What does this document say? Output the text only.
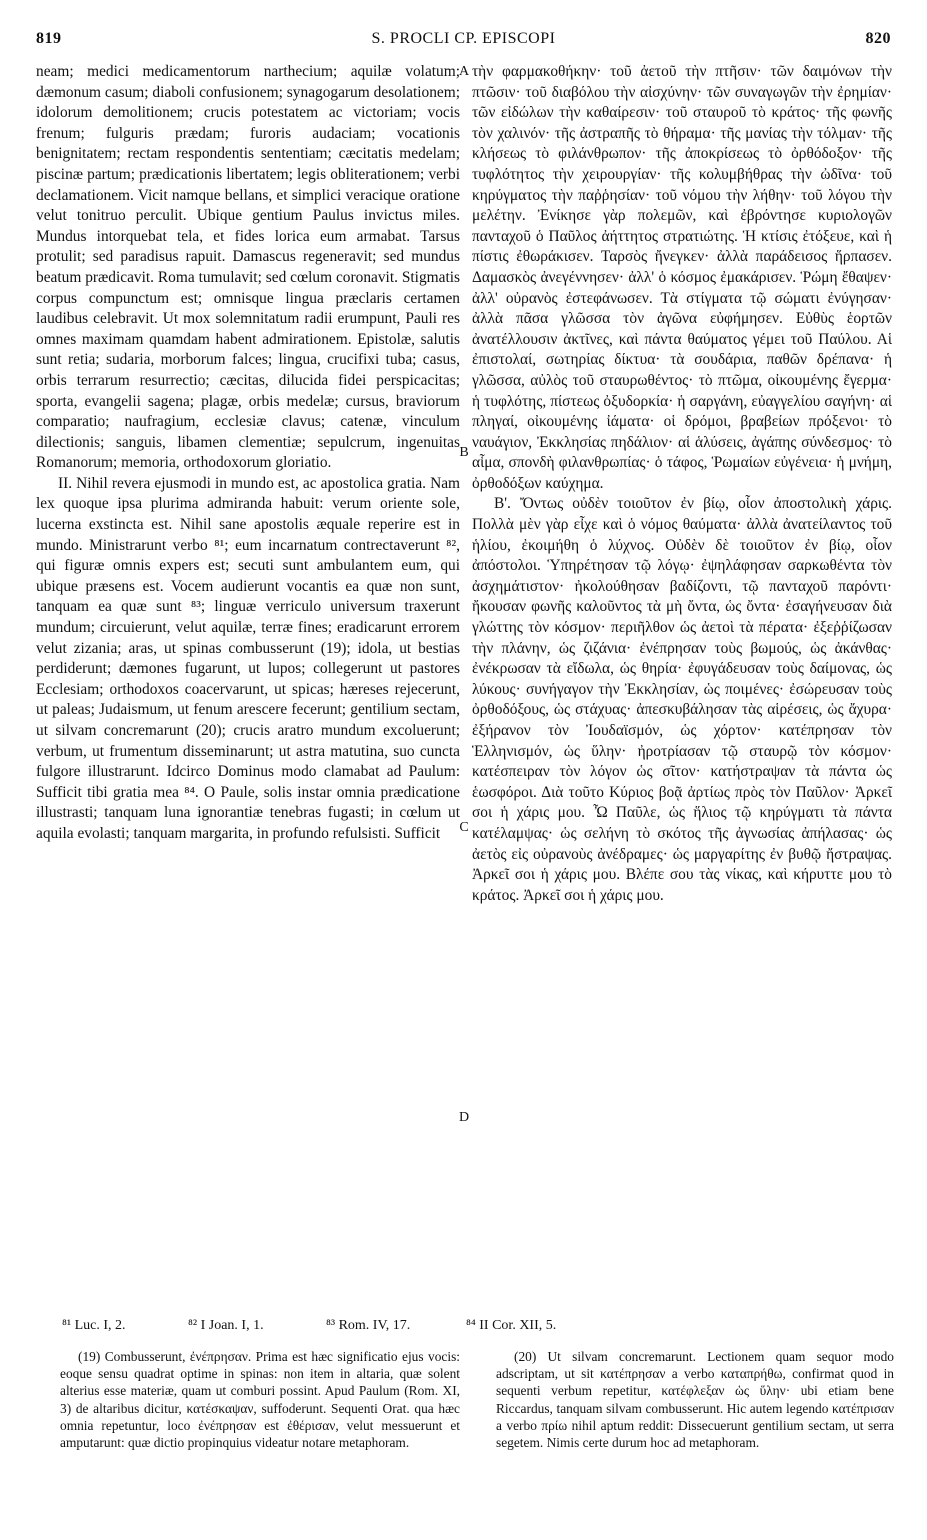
819	S. PROCLI CP. EPISCOPI	820

neam; medici medicamentorum narthecium; aquilæ volatum; dæmonum casum; diaboli confusionem; synagogarum desolationem; idolorum demolitionem; crucis potestatem ac victoriam; vocis frenum; fulguris prædam; furoris audaciam; vocationis benignitatem; rectam respondentis sententiam; cæcitatis medelam; piscinæ partum; prædicationis libertatem; legis obliterationem; verbi declamationem. Vicit namque bellans, et simplici veracique oratione velut tonitruo perculit. Ubique gentium Paulus invictus miles. Mundus intorquebat tela, et fides lorica eum armabat. Tarsus protulit; sed paradisus rapuit. Damascus regeneravit; sed mundus beatum prædicavit. Roma tumulavit; sed cœlum coronavit. Stigmatis corpus compunctum est; omnisque lingua præclaris certamen laudibus celebravit. Ut mox solemnitatum radii erumpunt, Pauli res omnes maximam quamdam habent admirationem. Epistolæ, salutis sunt retia; sudaria, morborum falces; lingua, crucifixi tuba; casus, orbis terrarum resurrectio; cæcitas, dilucida fidei perspicacitas; sporta, evangelii sagena; plagæ, orbis medelæ; cursus, braviorum comparatio; naufragium, ecclesiæ clavus; catenæ, vinculum dilectionis; sanguis, libamen clementiæ; sepulcrum, ingenuitas Romanorum; memoria, orthodoxorum gloriatio.

II. Nihil revera ejusmodi in mundo est, ac apostolica gratia. Nam lex quoque ipsa plurima admiranda habuit: verum oriente sole, lucerna exstincta est. Nihil sane apostolis æquale reperire est in mundo. Ministrarunt verbo ⁸¹; eum incarnatum contrectaverunt ⁸², qui figuræ omnis expers est; secuti sunt ambulantem eum, qui ubique præsens est. Vocem audierunt vocantis ea quæ non sunt, tanquam ea quæ sunt ⁸³; linguæ verriculo universum traxerunt mundum; circuierunt, velut aquilæ, terræ fines; eradicarunt errorem velut zizania; aras, ut spinas combusserunt (19); idola, ut bestias perdiderunt; dæmones fugarunt, ut lupos; collegerunt ut pastores Ecclesiam; orthodoxos coacervarunt, ut spicas; hæreses rejecerunt, ut paleas; Judaismum, ut fenum arescere fecerunt; gentilium sectam, ut silvam concremarunt (20); crucis aratro mundum excoluerunt; verbum, ut frumentum disseminarunt; ut astra matutina, suo cuncta fulgore illustrarunt. Idcirco Dominus modo clamabat ad Paulum: Sufficit tibi gratia mea ⁸⁴. O Paule, solis instar omnia prædicatione illustrasti; tanquam luna ignorantiæ tenebras fugasti; in cœlum ut aquila evolasti; tanquam margarita, in profundo refulsisti. Sufficit

A
B
C
D

τὴν φαρμακοθήκην· τοῦ ἀετοῦ τὴν πτῆσιν· τῶν δαιμόνων τὴν πτῶσιν· τοῦ διαβόλου τὴν αἰσχύνην· τῶν συναγωγῶν τὴν ἐρημίαν· τῶν εἰδώλων τὴν καθαίρεσιν· τοῦ σταυροῦ τὸ κράτος· τῆς φωνῆς τὸν χαλινόν· τῆς ἀστραπῆς τὸ θήραμα· τῆς μανίας τὴν τόλμαν· τῆς κλήσεως τὸ φιλάνθρωπον· τῆς ἀποκρίσεως τὸ ὀρθόδοξον· τῆς τυφλότητος τὴν χειρουργίαν· τῆς κολυμβήθρας τὴν ὠδῖνα· τοῦ κηρύγματος τὴν παῤῥησίαν· τοῦ νόμου τὴν λήθην· τοῦ λόγου τὴν μελέτην. Ἐνίκησε γὰρ πολεμῶν, καὶ ἐβρόντησε κυριολογῶν πανταχοῦ ὁ Παῦλος ἀήττητος στρατιώτης. Ἡ κτίσις ἐτόξευε, καὶ ἡ πίστις ἐθωράκισεν. Ταρσὸς ἤνεγκεν· ἀλλὰ παράδεισος ἥρπασεν. Δαμασκὸς ἀνεγέννησεν· ἀλλ' ὁ κόσμος ἐμακάρισεν. Ῥώμη ἔθαψεν· ἀλλ' οὐρανὸς ἐστεφάνωσεν. Τὰ στίγματα τῷ σώματι ἐνύγησαν· ἀλλὰ πᾶσα γλῶσσα τὸν ἀγῶνα εὐφήμησεν. Εὐθὺς ἑορτῶν ἀνατέλλουσιν ἀκτῖνες, καὶ πάντα θαύματος γέμει τοῦ Παύλου. Αἱ ἐπιστολαί, σωτηρίας δίκτυα· τὰ σουδάρια, παθῶν δρέπανα· ἡ γλῶσσα, αὐλὸς τοῦ σταυρωθέντος· τὸ πτῶμα, οἰκουμένης ἔγερμα· ἡ τυφλότης, πίστεως ὀξυδορκία· ἡ σαργάνη, εὐαγγελίου σαγήνη· αἱ πληγαί, οἰκουμένης ἰάματα· οἱ δρόμοι, βραβείων πρόξενοι· τὸ ναυάγιον, Ἐκκλησίας πηδάλιον· αἱ ἁλύσεις, ἀγάπης σύνδεσμος· τὸ αἷμα, σπονδὴ φιλανθρωπίας· ὁ τάφος, Ῥωμαίων εὐγένεια· ἡ μνήμη, ὀρθοδόξων καύχημα.

Β'. Ὄντως οὐδὲν τοιοῦτον ἐν βίῳ, οἷον ἀποστολικὴ χάρις. Πολλὰ μὲν γὰρ εἶχε καὶ ὁ νόμος θαύματα· ἀλλὰ ἀνατείλαντος τοῦ ἡλίου, ἐκοιμήθη ὁ λύχνος. Οὐδὲν δὲ τοιοῦτον ἐν βίῳ, οἷον ἀπόστολοι. Ὑπηρέτησαν τῷ λόγῳ· ἐψηλάφησαν σαρκωθέντα τὸν ἀσχημάτιστον· ἠκολούθησαν βαδίζοντι, τῷ πανταχοῦ παρόντι· ἤκουσαν φωνῆς καλοῦντος τὰ μὴ ὄντα, ὡς ὄντα· ἐσαγήνευσαν διὰ γλώττης τὸν κόσμον· περιῆλθον ὡς ἀετοὶ τὰ πέρατα· ἐξεῤῥίζωσαν τὴν πλάνην, ὡς ζιζάνια· ἐνέπρησαν τοὺς βωμούς, ὡς ἀκάνθας· ἐνέκρωσαν τὰ εἴδωλα, ὡς θηρία· ἐφυγάδευσαν τοὺς δαίμονας, ὡς λύκους· συνήγαγον τὴν Ἐκκλησίαν, ὡς ποιμένες· ἐσώρευσαν τοὺς ὀρθοδόξους, ὡς στάχυας· ἀπεσκυβάλησαν τὰς αἱρέσεις, ὡς ἄχυρα· ἐξήρανον τὸν Ἰουδαϊσμόν, ὡς χόρτον· κατέπρησαν τὸν Ἑλληνισμόν, ὡς ὕλην· ἠροτρίασαν τῷ σταυρῷ τὸν κόσμον· κατέσπειραν τὸν λόγον ὡς σῖτον· κατήστραψαν τὰ πάντα ὡς ἑωσφόροι. Διὰ τοῦτο Κύριος βοᾷ ἀρτίως πρὸς τὸν Παῦλον· Ἀρκεῖ σοι ἡ χάρις μου. Ὦ Παῦλε, ὡς ἥλιος τῷ κηρύγματι τὰ πάντα κατέλαμψας· ὡς σελήνη τὸ σκότος τῆς ἀγνωσίας ἀπήλασας· ὡς ἀετὸς εἰς οὐρανοὺς ἀνέδραμες· ὡς μαργαρίτης ἐν βυθῷ ἤστραψας. Ἀρκεῖ σοι ἡ χάρις μου. Βλέπε σου τὰς νίκας, καὶ κήρυττε μου τὸ κράτος. Ἀρκεῖ σοι ἡ χάρις μου.

⁸¹ Luc. I, 2.	⁸² I Joan. I, 1.	⁸³ Rom. IV, 17.	⁸⁴ II Cor. XII, 5.

(19) Combusserunt, ἐνέπρησαν. Prima est hæc significatio ejus vocis: eoque sensu quadrat optime in spinas: non item in altaria, quæ solent alterius esse materiæ, quam ut comburi possint. Apud Paulum (Rom. XI, 3) de altaribus dicitur, κατέσκαψαν, suffoderunt. Sequenti Orat. qua hæc omnia repetuntur, loco ἐνέπρησαν est ἐθέρισαν, velut messuerunt et amputarunt: quæ dictio propinquius videatur notare metaphoram.

(20) Ut silvam concremarunt. Lectionem quam sequor modo adscriptam, ut sit κατέπρησαν a verbo καταπρήθω, confirmat quod in sequenti verbum repetitur, κατέφλεξαν ὡς ὕλην· ubi etiam bene Riccardus, tanquam silvam combusserunt. Hic autem legendo κατέπρισαν a verbo πρίω nihil aptum reddit: Dissecuerunt gentilium sectam, ut serra segetem. Nimis certe durum hoc ad metaphoram.
